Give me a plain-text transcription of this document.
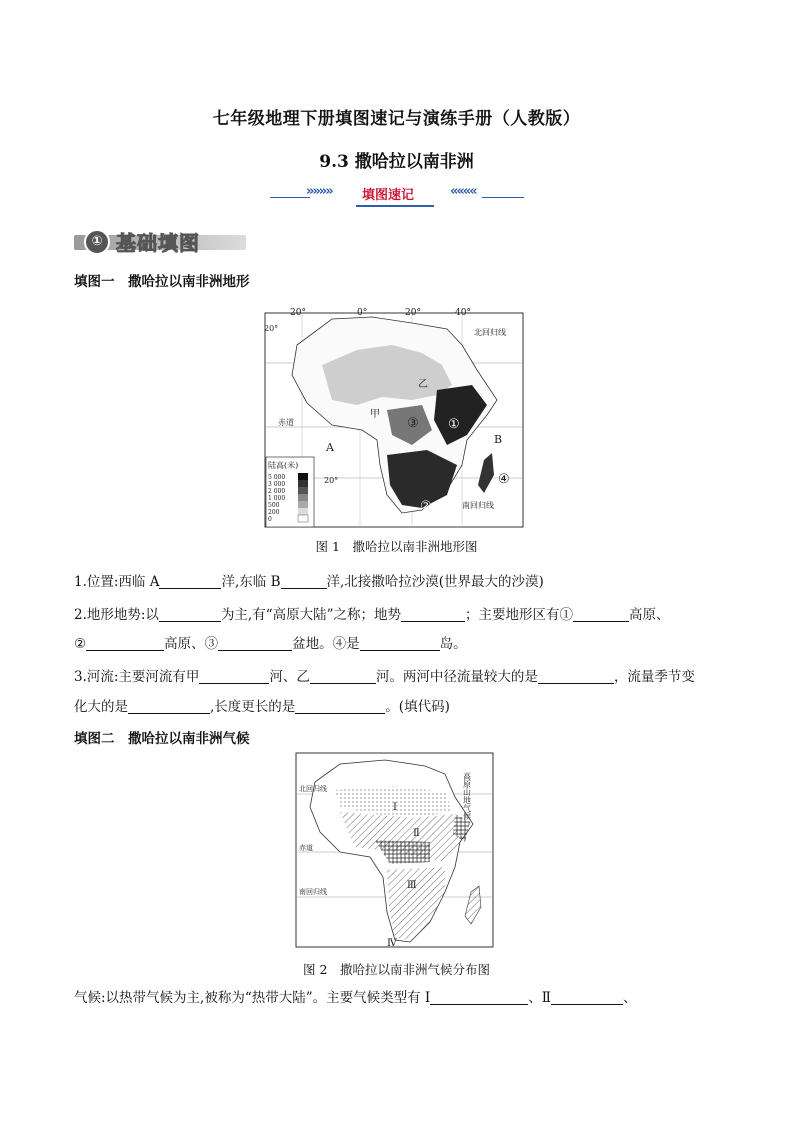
七年级地理下册填图速记与演练手册（人教版）
9.3 撒哈拉以南非洲
»»»» 填图速记	««««
① 基础填图
填图一　撒哈拉以南非洲地形
20°	0°	20°	40°
20°
20°
北回归线
赤道
南回归线
A
B
甲
乙
①
②
③
④
陆高(米)
5 000
3 000
2 000
1 000
500
200
0
图 1　撒哈拉以南非洲地形图
1.位置:西临 A	洋,东临 B	洋,北接撒哈拉沙漠(世界最大的沙漠)
2.地形地势:以	为主,有“高原大陆”之称；地势	；主要地形区有①	高原、
②	高原、③	盆地。④是	岛。
3.河流:主要河流有甲	河、乙	河。两河中径流量较大的是	，流量季节变
化大的是	,长度更长的是	。(填代码)
填图二　撒哈拉以南非洲气候
北回归线
赤道
南回归线
Ⅰ
Ⅲ
Ⅳ
高原山地气候
Ⅱ
图 2　撒哈拉以南非洲气候分布图
气候:以热带气候为主,被称为“热带大陆”。主要气候类型有 Ⅰ	、Ⅱ	、
